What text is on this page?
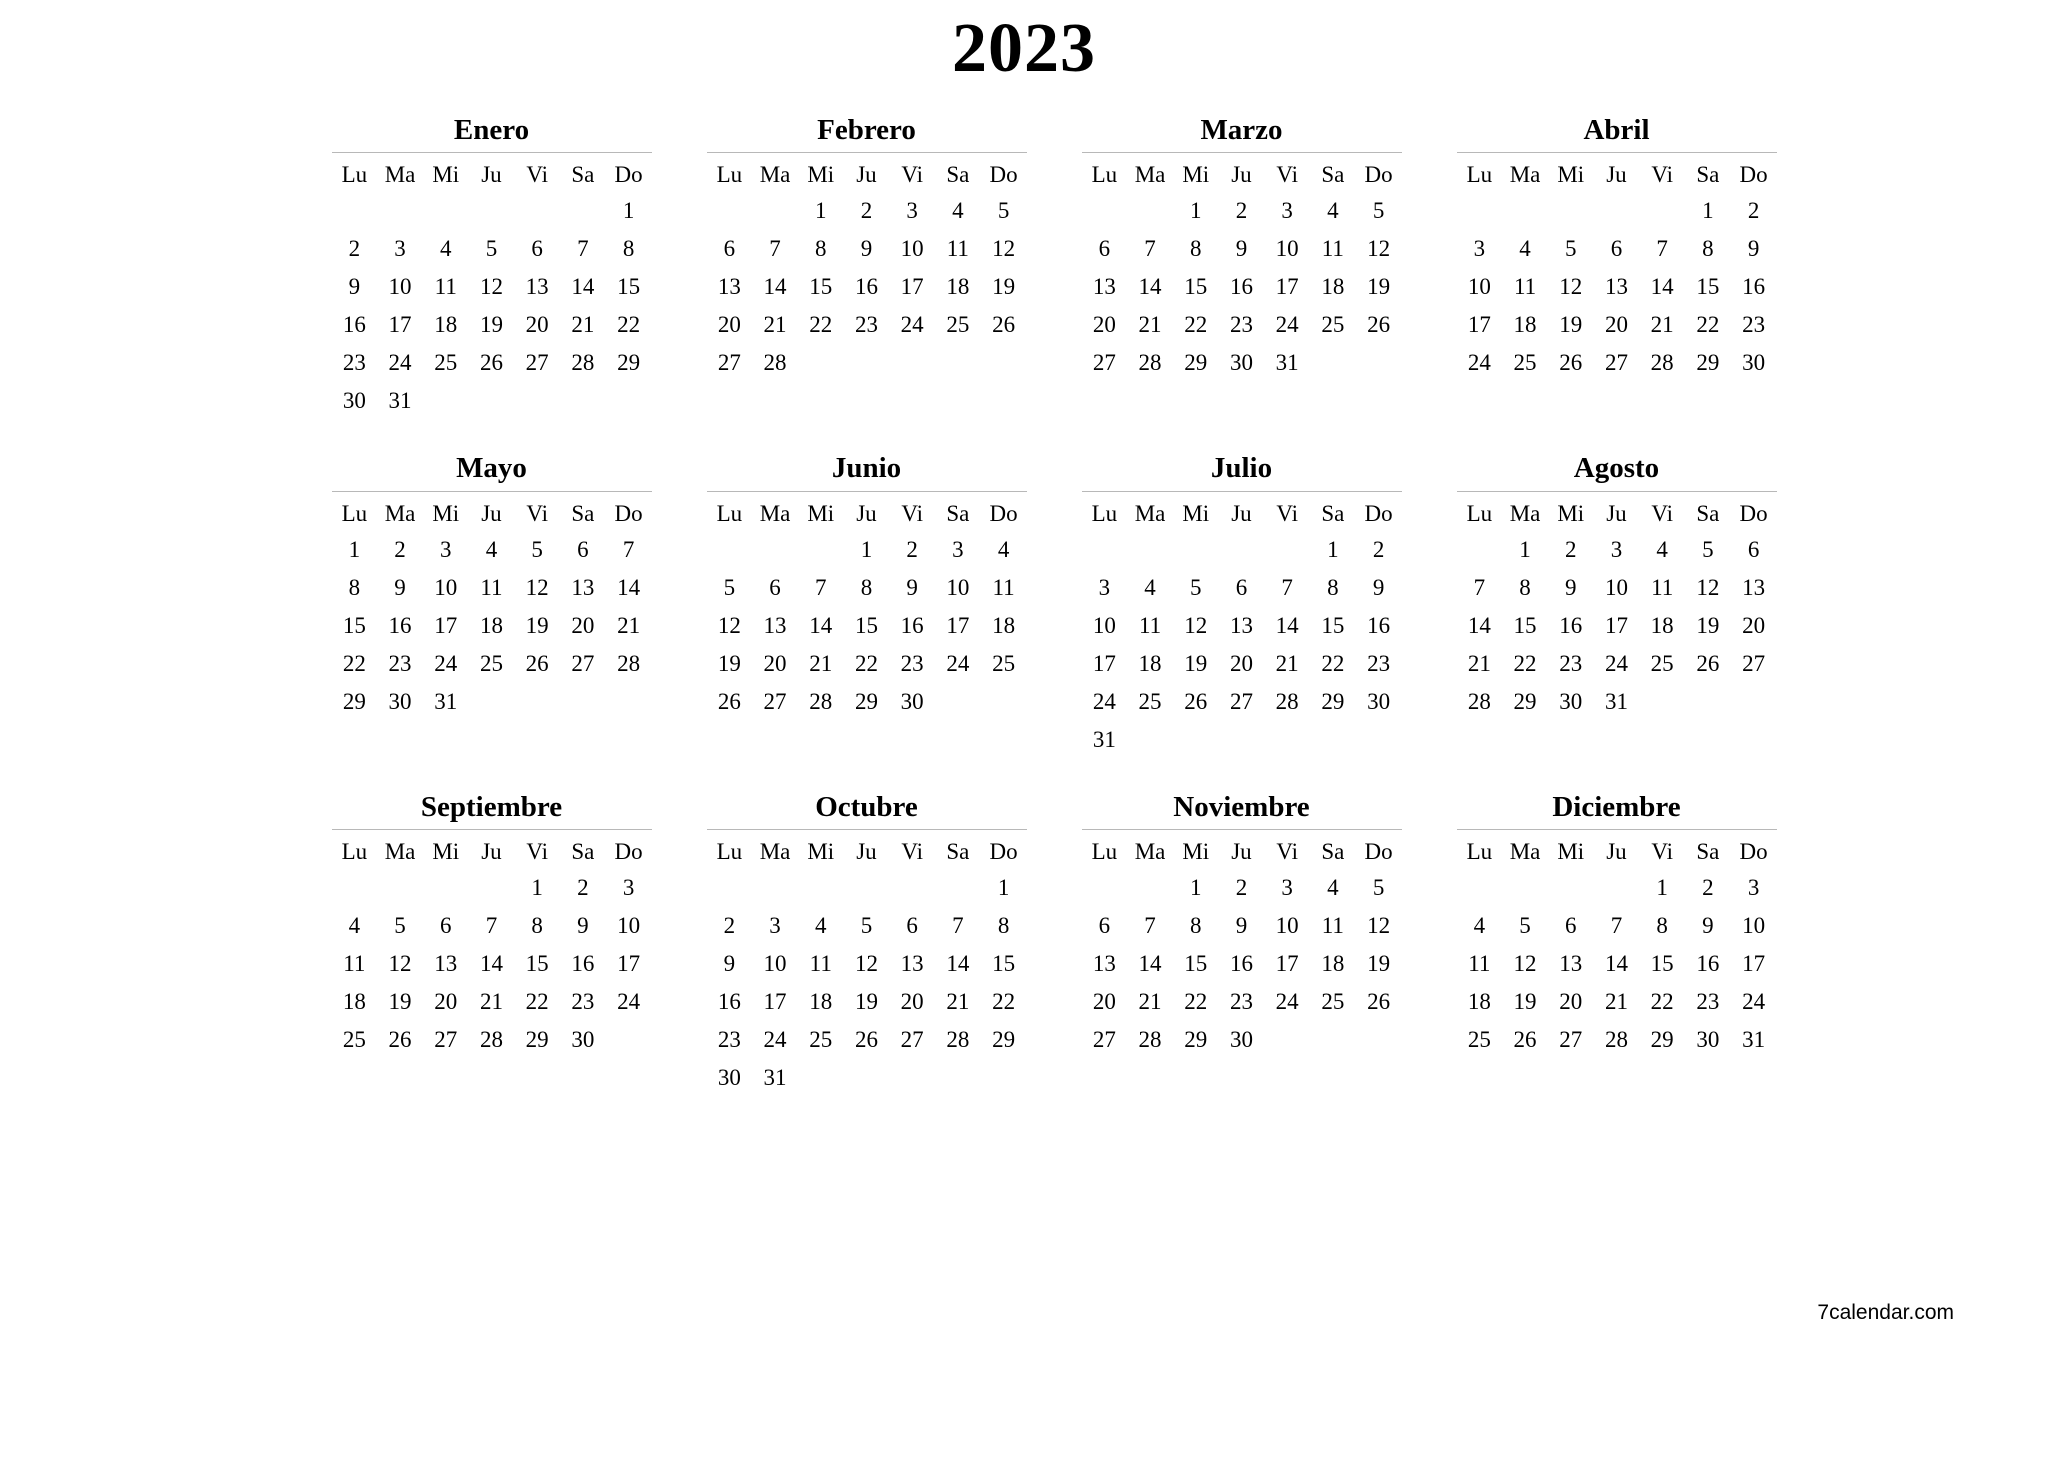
2023
Enero
Lu	Ma	Mi	Ju	Vi	Sa	Do
						1
2	3	4	5	6	7	8
9	10	11	12	13	14	15
16	17	18	19	20	21	22
23	24	25	26	27	28	29
30	31					
Febrero
Lu	Ma	Mi	Ju	Vi	Sa	Do
		1	2	3	4	5
6	7	8	9	10	11	12
13	14	15	16	17	18	19
20	21	22	23	24	25	26
27	28					
Marzo
Lu	Ma	Mi	Ju	Vi	Sa	Do
		1	2	3	4	5
6	7	8	9	10	11	12
13	14	15	16	17	18	19
20	21	22	23	24	25	26
27	28	29	30	31		
Abril
Lu	Ma	Mi	Ju	Vi	Sa	Do
					1	2
3	4	5	6	7	8	9
10	11	12	13	14	15	16
17	18	19	20	21	22	23
24	25	26	27	28	29	30
Mayo
Lu	Ma	Mi	Ju	Vi	Sa	Do
1	2	3	4	5	6	7
8	9	10	11	12	13	14
15	16	17	18	19	20	21
22	23	24	25	26	27	28
29	30	31				
Junio
Lu	Ma	Mi	Ju	Vi	Sa	Do
			1	2	3	4
5	6	7	8	9	10	11
12	13	14	15	16	17	18
19	20	21	22	23	24	25
26	27	28	29	30		
Julio
Lu	Ma	Mi	Ju	Vi	Sa	Do
					1	2
3	4	5	6	7	8	9
10	11	12	13	14	15	16
17	18	19	20	21	22	23
24	25	26	27	28	29	30
31						
Agosto
Lu	Ma	Mi	Ju	Vi	Sa	Do
	1	2	3	4	5	6
7	8	9	10	11	12	13
14	15	16	17	18	19	20
21	22	23	24	25	26	27
28	29	30	31			
Septiembre
Lu	Ma	Mi	Ju	Vi	Sa	Do
				1	2	3
4	5	6	7	8	9	10
11	12	13	14	15	16	17
18	19	20	21	22	23	24
25	26	27	28	29	30	
Octubre
Lu	Ma	Mi	Ju	Vi	Sa	Do
						1
2	3	4	5	6	7	8
9	10	11	12	13	14	15
16	17	18	19	20	21	22
23	24	25	26	27	28	29
30	31					
Noviembre
Lu	Ma	Mi	Ju	Vi	Sa	Do
		1	2	3	4	5
6	7	8	9	10	11	12
13	14	15	16	17	18	19
20	21	22	23	24	25	26
27	28	29	30			
Diciembre
Lu	Ma	Mi	Ju	Vi	Sa	Do
				1	2	3
4	5	6	7	8	9	10
11	12	13	14	15	16	17
18	19	20	21	22	23	24
25	26	27	28	29	30	31
7calendar.com
